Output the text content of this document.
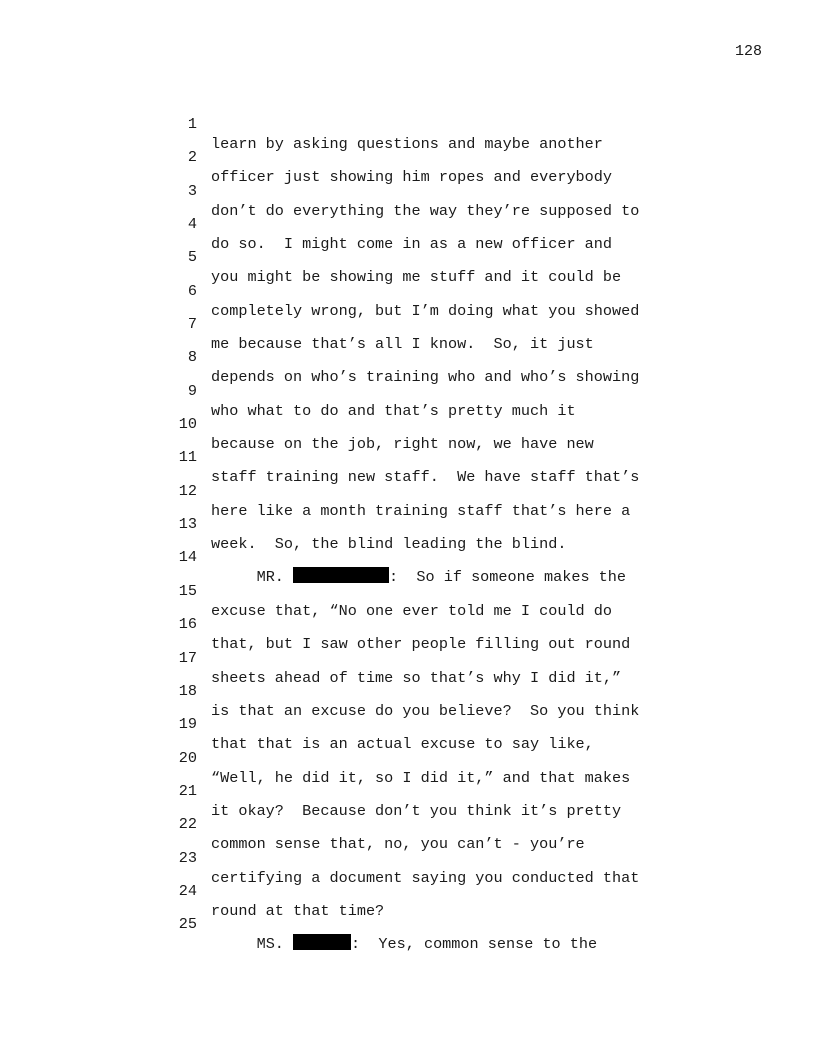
128

1

learn by asking questions and maybe another

2

officer just showing him ropes and everybody

3

don’t do everything the way they’re supposed to

4

do so.  I might come in as a new officer and

5

you might be showing me stuff and it could be

6

completely wrong, but I’m doing what you showed

7

me because that’s all I know.  So, it just

8

depends on who’s training who and who’s showing

9

who what to do and that’s pretty much it

10

because on the job, right now, we have new

11

staff training new staff.  We have staff that’s

12

here like a month training staff that’s here a

13

week.  So, the blind leading the blind.

14

MR.	:  So if someone makes the

15

excuse that, “No one ever told me I could do

16

that, but I saw other people filling out round

17

sheets ahead of time so that’s why I did it,”

18

is that an excuse do you believe?  So you think

19

that that is an actual excuse to say like,

20

“Well, he did it, so I did it,” and that makes

21

it okay?  Because don’t you think it’s pretty

22

common sense that, no, you can’t - you’re

23

certifying a document saying you conducted that

24

round at that time?

25

MS.	:  Yes, common sense to the
